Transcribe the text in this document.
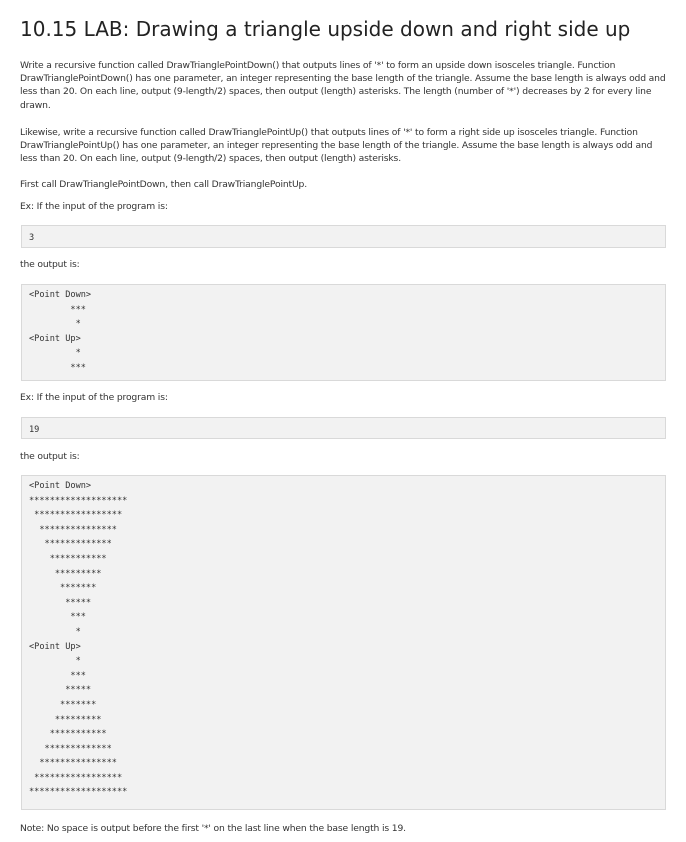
10.15 LAB: Drawing a triangle upside down and right side up

Write a recursive function called DrawTrianglePointDown() that outputs lines of '*' to form an upside down isosceles triangle. Function DrawTrianglePointDown() has one parameter, an integer representing the base length of the triangle. Assume the base length is always odd and less than 20. On each line, output (9-length/2) spaces, then output (length) asterisks. The length (number of '*') decreases by 2 for every line drawn.

Likewise, write a recursive function called DrawTrianglePointUp() that outputs lines of '*' to form a right side up isosceles triangle. Function DrawTrianglePointUp() has one parameter, an integer representing the base length of the triangle. Assume the base length is always odd and less than 20. On each line, output (9-length/2) spaces, then output (length) asterisks.

First call DrawTrianglePointDown, then call DrawTrianglePointUp.

Ex: If the input of the program is:

3

the output is:

<Point Down>
***
*
<Point Up>
*
***

Ex: If the input of the program is:

19

the output is:

<Point Down>
*******************
*****************
***************
*************
***********
*********
*******
*****
***
*
<Point Up>
*
***
*****
*******
*********
***********
*************
***************
*****************
*******************

Note: No space is output before the first '*' on the last line when the base length is 19.
